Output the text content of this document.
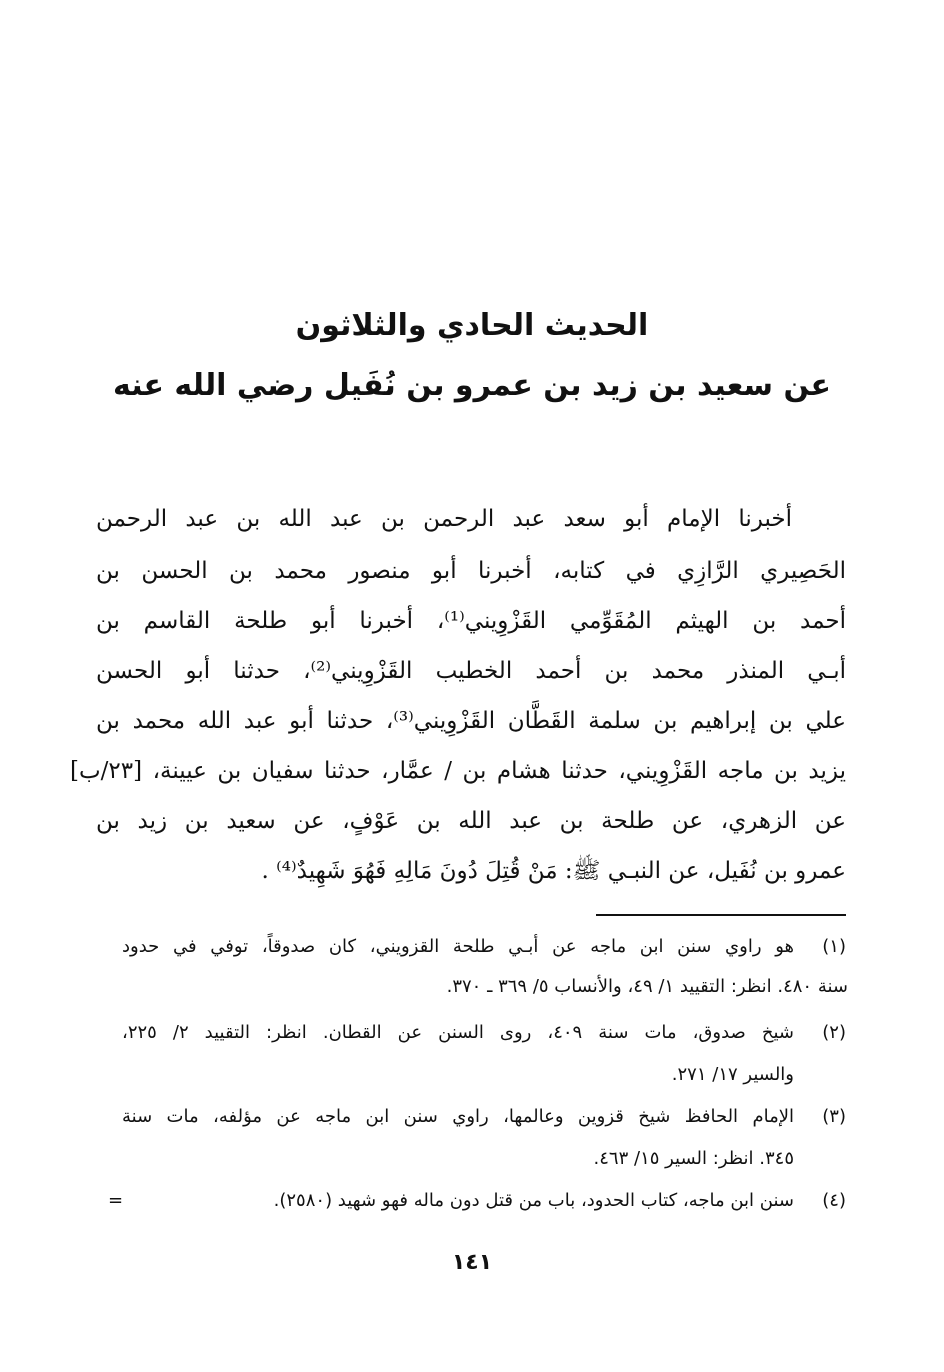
الحديث الحادي والثلاثون
عن سعيد بن زيد بن عمرو بن نُفَيل رضي الله عنه
أخبرنا الإمام أبو سعد عبد الرحمن بن عبد الله بن عبد الرحمن
الحَصِيري الرَّازِي في كتابه، أخبرنا أبو منصور محمد بن الحسن بن
أحمد بن الهيثم المُقَوِّمي القَزْوِيني⁽¹⁾، أخبرنا أبو طلحة القاسم بن
أبـي المنذر محمد بن أحمد الخطيب القَزْوِيني⁽²⁾، حدثنا أبو الحسن
علي بن إبراهيم بن سلمة القَطَّان القَزْوِيني⁽³⁾، حدثنا أبو عبد الله محمد بن
يزيد بن ماجه القَزْوِيني، حدثنا هشام بن / عمَّار، حدثنا سفيان بن عيينة، [٢٣/ب]
عن الزهري، عن طلحة بن عبد الله بن عَوْفٍ، عن سعيد بن زيد بن
عمرو بن نُفَيل، عن النبـي ﷺ: مَنْ قُتِلَ دُونَ مَالِهِ فَهُوَ شَهِيدٌ⁽⁴⁾ .
(١)
هو راوي سنن ابن ماجه عن أبـي طلحة القزويني، كان صدوقاً، توفي في حدود
سنة ٤٨٠. انظر: التقييد ١/ ٤٩، والأنساب ٥/ ٣٦٩ ـ ٣٧٠.
(٢)
شيخ صدوق، مات سنة ٤٠٩، روى السنن عن القطان. انظر: التقييد ٢/ ٢٢٥،
والسير ١٧/ ٢٧١.
(٣)
الإمام الحافظ شيخ قزوين وعالمها، راوي سنن ابن ماجه عن مؤلفه، مات سنة
٣٤٥. انظر: السير ١٥/ ٤٦٣.
(٤)
سنن ابن ماجه، كتاب الحدود، باب من قتل دون ماله فهو شهيد (٢٥٨٠).
=
١٤١
